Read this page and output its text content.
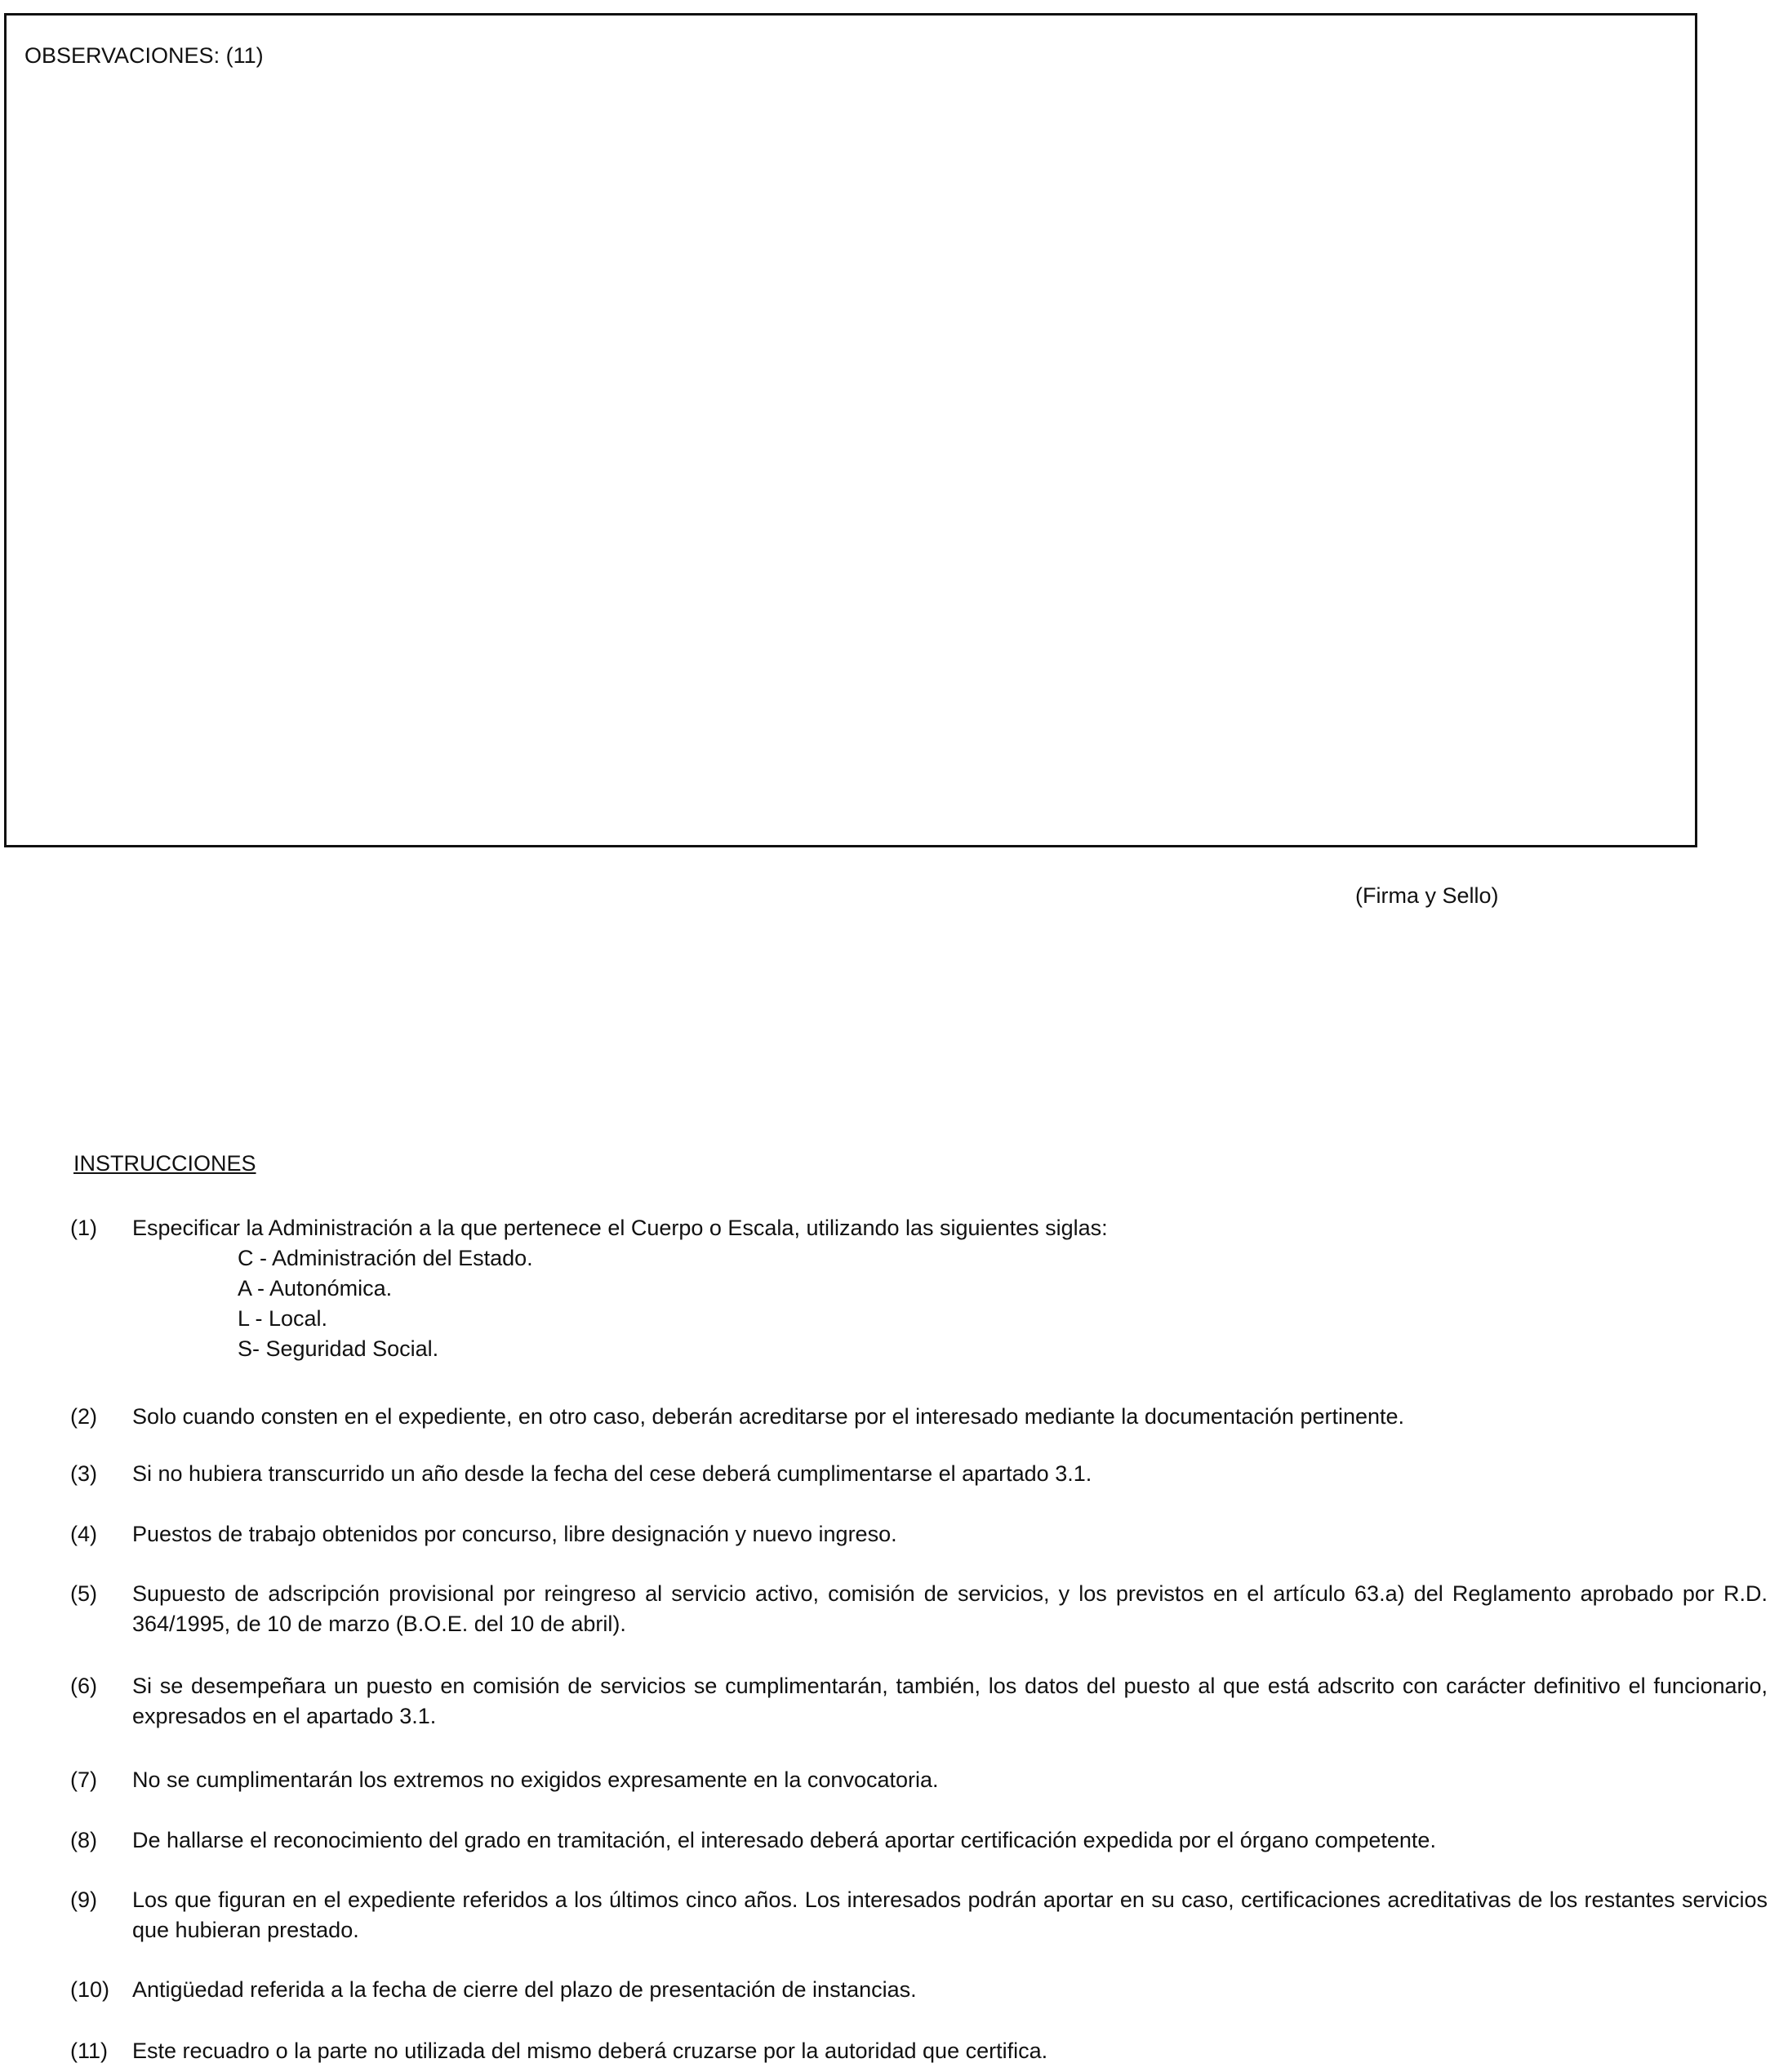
OBSERVACIONES: (11)
(Firma y Sello)
INSTRUCCIONES
(1) Especificar la Administración a la que pertenece el Cuerpo o Escala, utilizando las siguientes siglas:
C - Administración del Estado.
A - Autonómica.
L - Local.
S- Seguridad Social.
(2) Solo cuando consten en el expediente, en otro caso, deberán acreditarse por el interesado mediante la documentación pertinente.
(3) Si no hubiera transcurrido un año desde la fecha del cese deberá cumplimentarse el apartado 3.1.
(4) Puestos de trabajo obtenidos por concurso, libre designación y nuevo ingreso.
(5) Supuesto de adscripción provisional por reingreso al servicio activo, comisión de servicios, y los previstos en el artículo 63.a) del Reglamento aprobado por R.D. 364/1995, de 10 de marzo (B.O.E. del 10 de abril).
(6) Si se desempeñara un puesto en comisión de servicios se cumplimentarán, también, los datos del puesto al que está adscrito con carácter definitivo el funcionario, expresados en el apartado 3.1.
(7) No se cumplimentarán los extremos no exigidos expresamente en la convocatoria.
(8) De hallarse el reconocimiento del grado en tramitación, el interesado deberá aportar certificación expedida por el órgano competente.
(9) Los que figuran en el expediente referidos a los últimos cinco años. Los interesados podrán aportar en su caso, certificaciones acreditativas de los restantes servicios que hubieran prestado.
(10) Antigüedad referida a la fecha de cierre del plazo de presentación de instancias.
(11) Este recuadro o la parte no utilizada del mismo deberá cruzarse por la autoridad que certifica.
